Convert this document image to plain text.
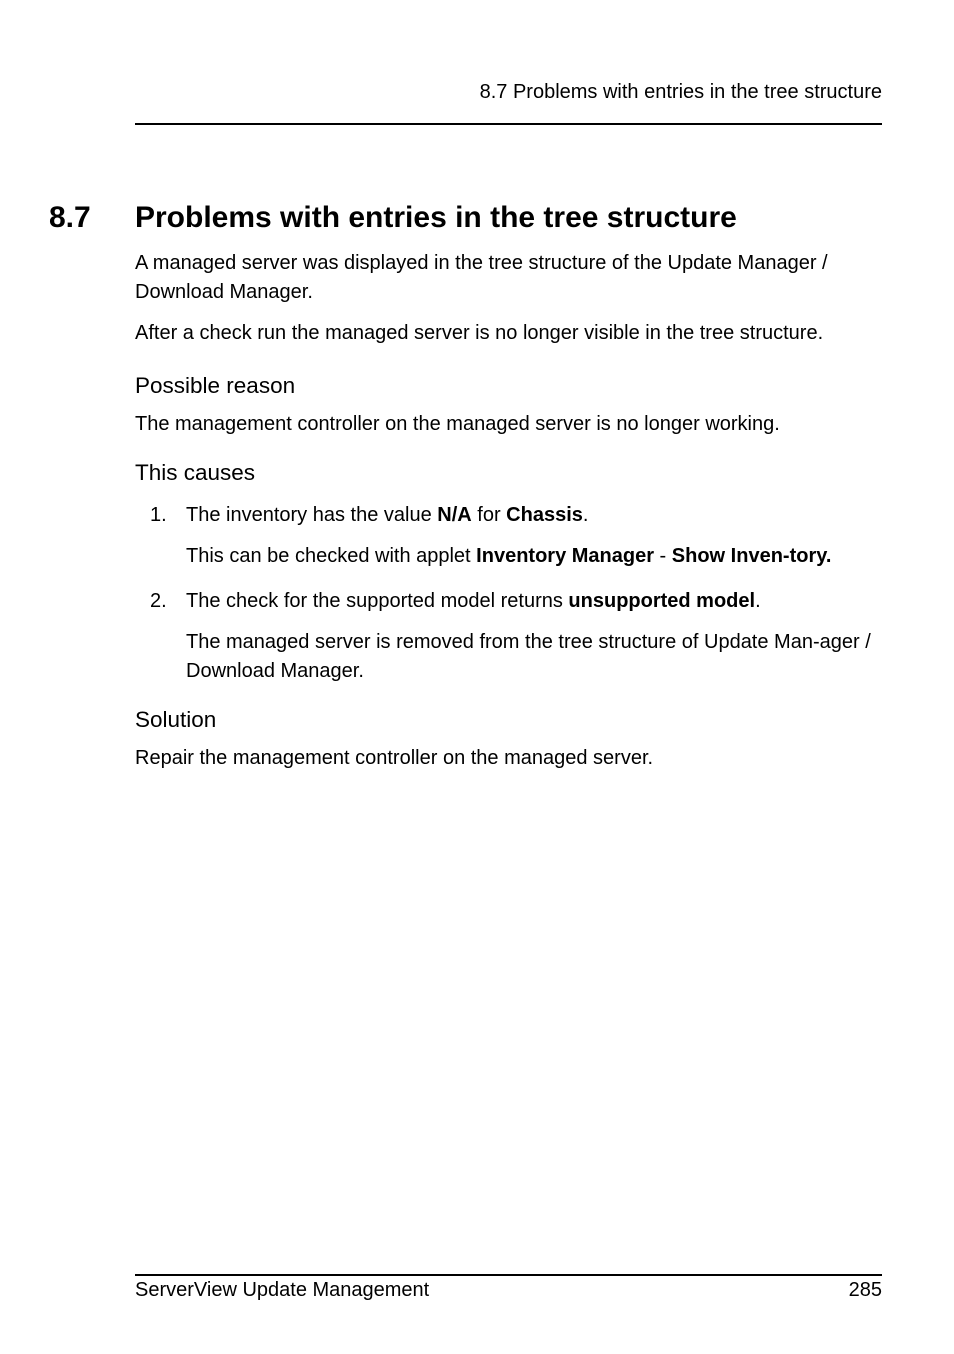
8.7 Problems with entries in the tree structure
8.7 Problems with entries in the tree structure

A managed server was displayed in the tree structure of the Update Manager / Download Manager.

After a check run the managed server is no longer visible in the tree structure.

Possible reason

The management controller on the managed server is no longer working.

This causes

1. The inventory has the value N/A for Chassis.

This can be checked with applet Inventory Manager - Show Inven-tory.

2. The check for the supported model returns unsupported model.

The managed server is removed from the tree structure of Update Man-ager / Download Manager.

Solution

Repair the management controller on the managed server.

ServerView Update Management	285
